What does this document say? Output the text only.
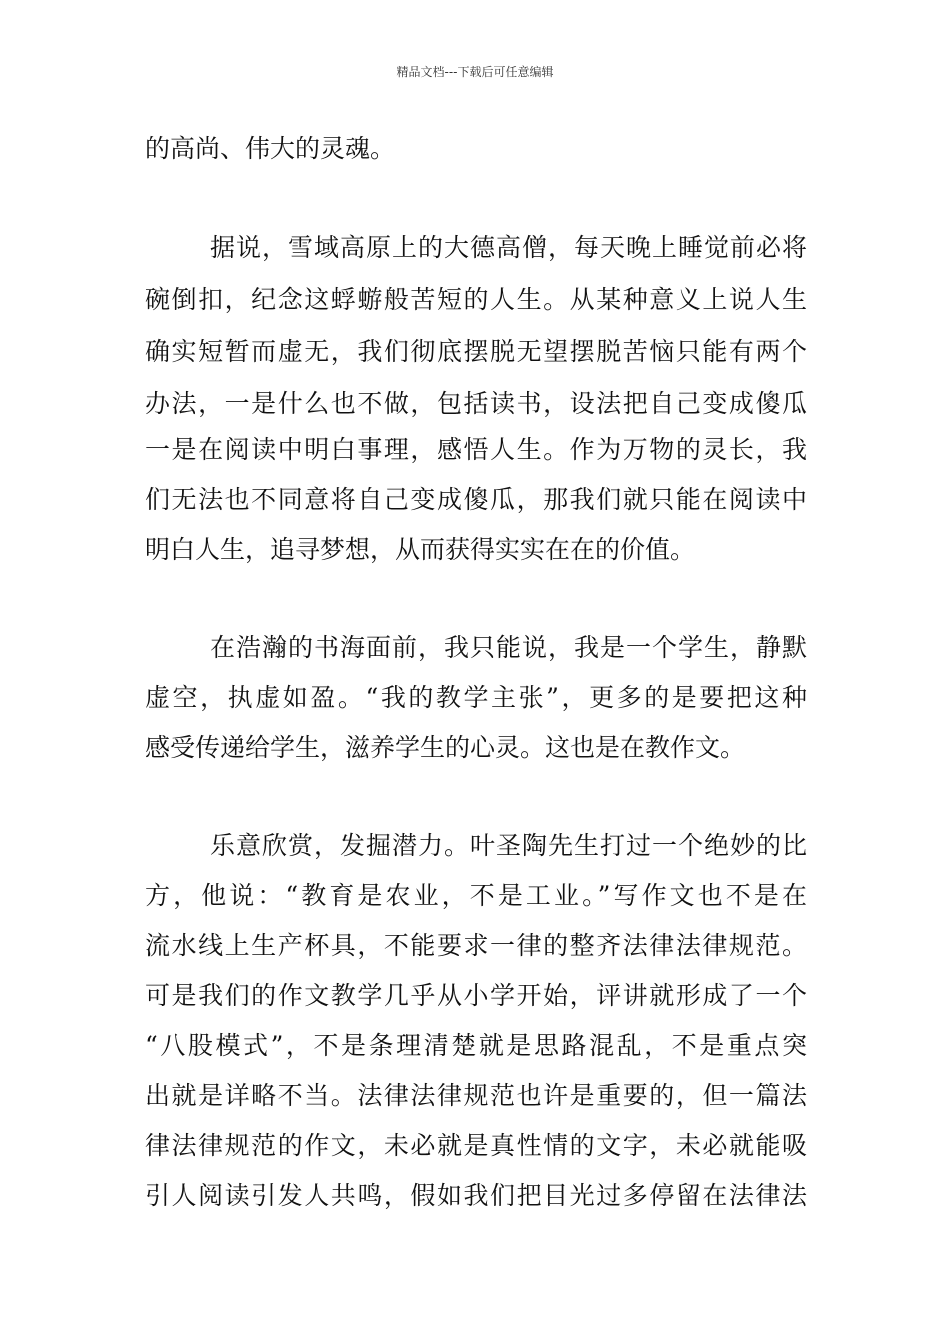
精品文档---下载后可任意编辑
的高尚、伟大的灵魂。
据说，雪域高原上的大德高僧，每天晚上睡觉前必将
碗倒扣，纪念这蜉蝣般苦短的人生。从某种意义上说人生
确实短暂而虚无，我们彻底摆脱无望摆脱苦恼只能有两个
办法，一是什么也不做，包括读书，设法把自己变成傻瓜
一是在阅读中明白事理，感悟人生。作为万物的灵长，我
们无法也不同意将自己变成傻瓜，那我们就只能在阅读中
明白人生，追寻梦想，从而获得实实在在的价值。
在浩瀚的书海面前，我只能说，我是一个学生，静默
虚空，执虚如盈。“我的教学主张”，更多的是要把这种
感受传递给学生，滋养学生的心灵。这也是在教作文。
乐意欣赏，发掘潜力。叶圣陶先生打过一个绝妙的比
方，他说：“教育是农业，不是工业。”写作文也不是在
流水线上生产杯具，不能要求一律的整齐法律法律规范。
可是我们的作文教学几乎从小学开始，评讲就形成了一个
“八股模式”，不是条理清楚就是思路混乱，不是重点突
出就是详略不当。法律法律规范也许是重要的，但一篇法
律法律规范的作文，未必就是真性情的文字，未必就能吸
引人阅读引发人共鸣，假如我们把目光过多停留在法律法
